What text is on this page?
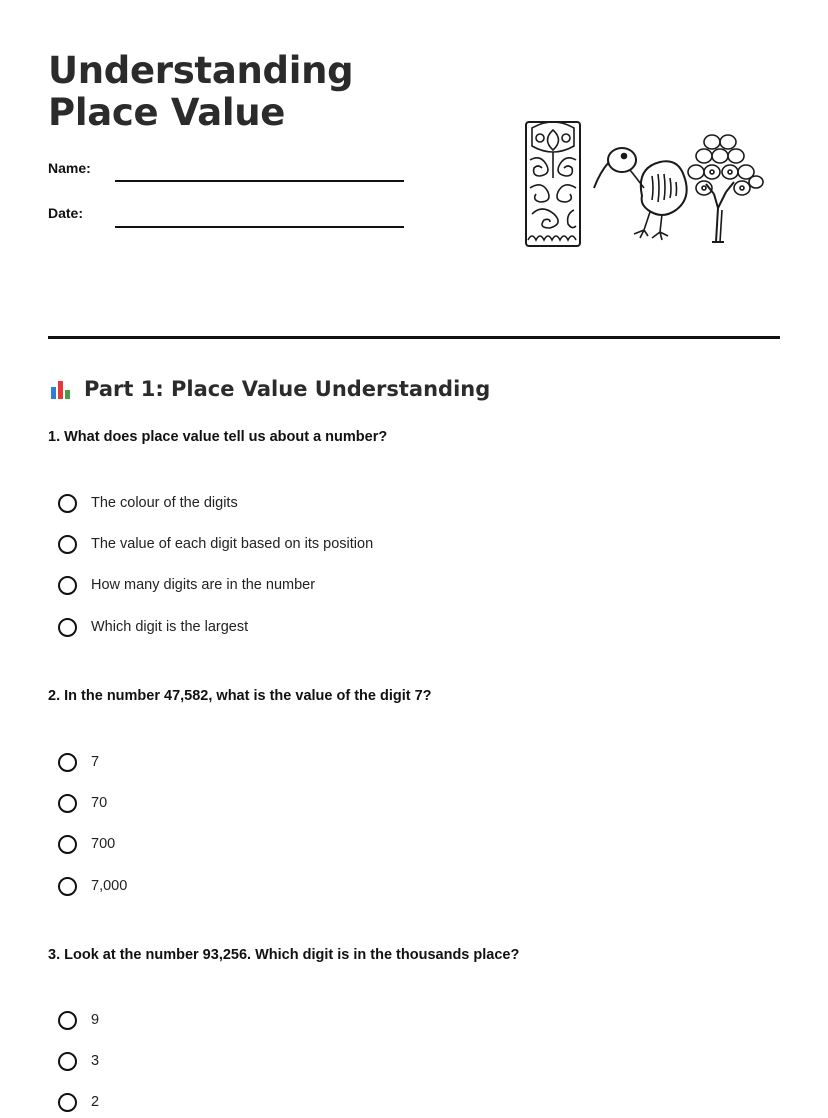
Understanding Place Value
Name:
Date:
Part 1: Place Value Understanding

1. What does place value tell us about a number?

The colour of the digits
The value of each digit based on its position
How many digits are in the number
Which digit is the largest

2. In the number 47,582, what is the value of the digit 7?

7
70
700
7,000

3. Look at the number 93,256. Which digit is in the thousands place?

9
3
2
